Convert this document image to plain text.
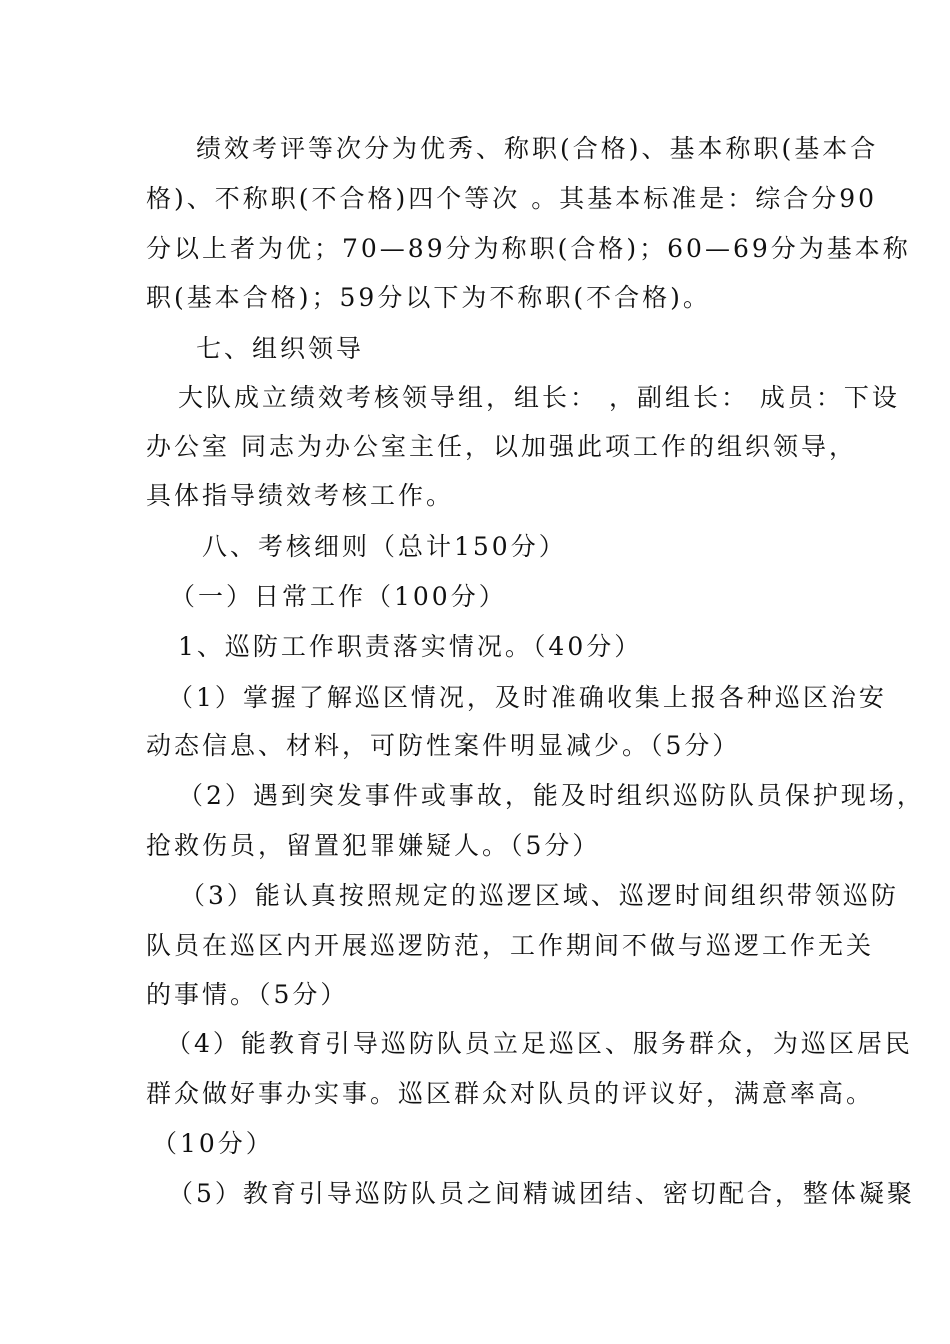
绩效考评等次分为优秀、称职(合格)、基本称职(基本合
格)、不称职(不合格)四个等次 。其基本标准是：综合分90
分以上者为优；70—89分为称职(合格)；60—69分为基本称
职(基本合格)；59分以下为不称职(不合格)。
七、组织领导
大队成立绩效考核领导组，组长： ，副组长： 成员：下设
办公室 同志为办公室主任，以加强此项工作的组织领导，
具体指导绩效考核工作。
八、考核细则（总计150分）
（一）日常工作（100分）
1、巡防工作职责落实情况。（40分）
（1）掌握了解巡区情况，及时准确收集上报各种巡区治安
动态信息、材料，可防性案件明显减少。（5分）
（2）遇到突发事件或事故，能及时组织巡防队员保护现场，
抢救伤员，留置犯罪嫌疑人。（5分）
（3）能认真按照规定的巡逻区域、巡逻时间组织带领巡防
队员在巡区内开展巡逻防范，工作期间不做与巡逻工作无关
的事情。（5分）
（4）能教育引导巡防队员立足巡区、服务群众，为巡区居民
群众做好事办实事。巡区群众对队员的评议好，满意率高。
（10分）
（5）教育引导巡防队员之间精诚团结、密切配合，整体凝聚
